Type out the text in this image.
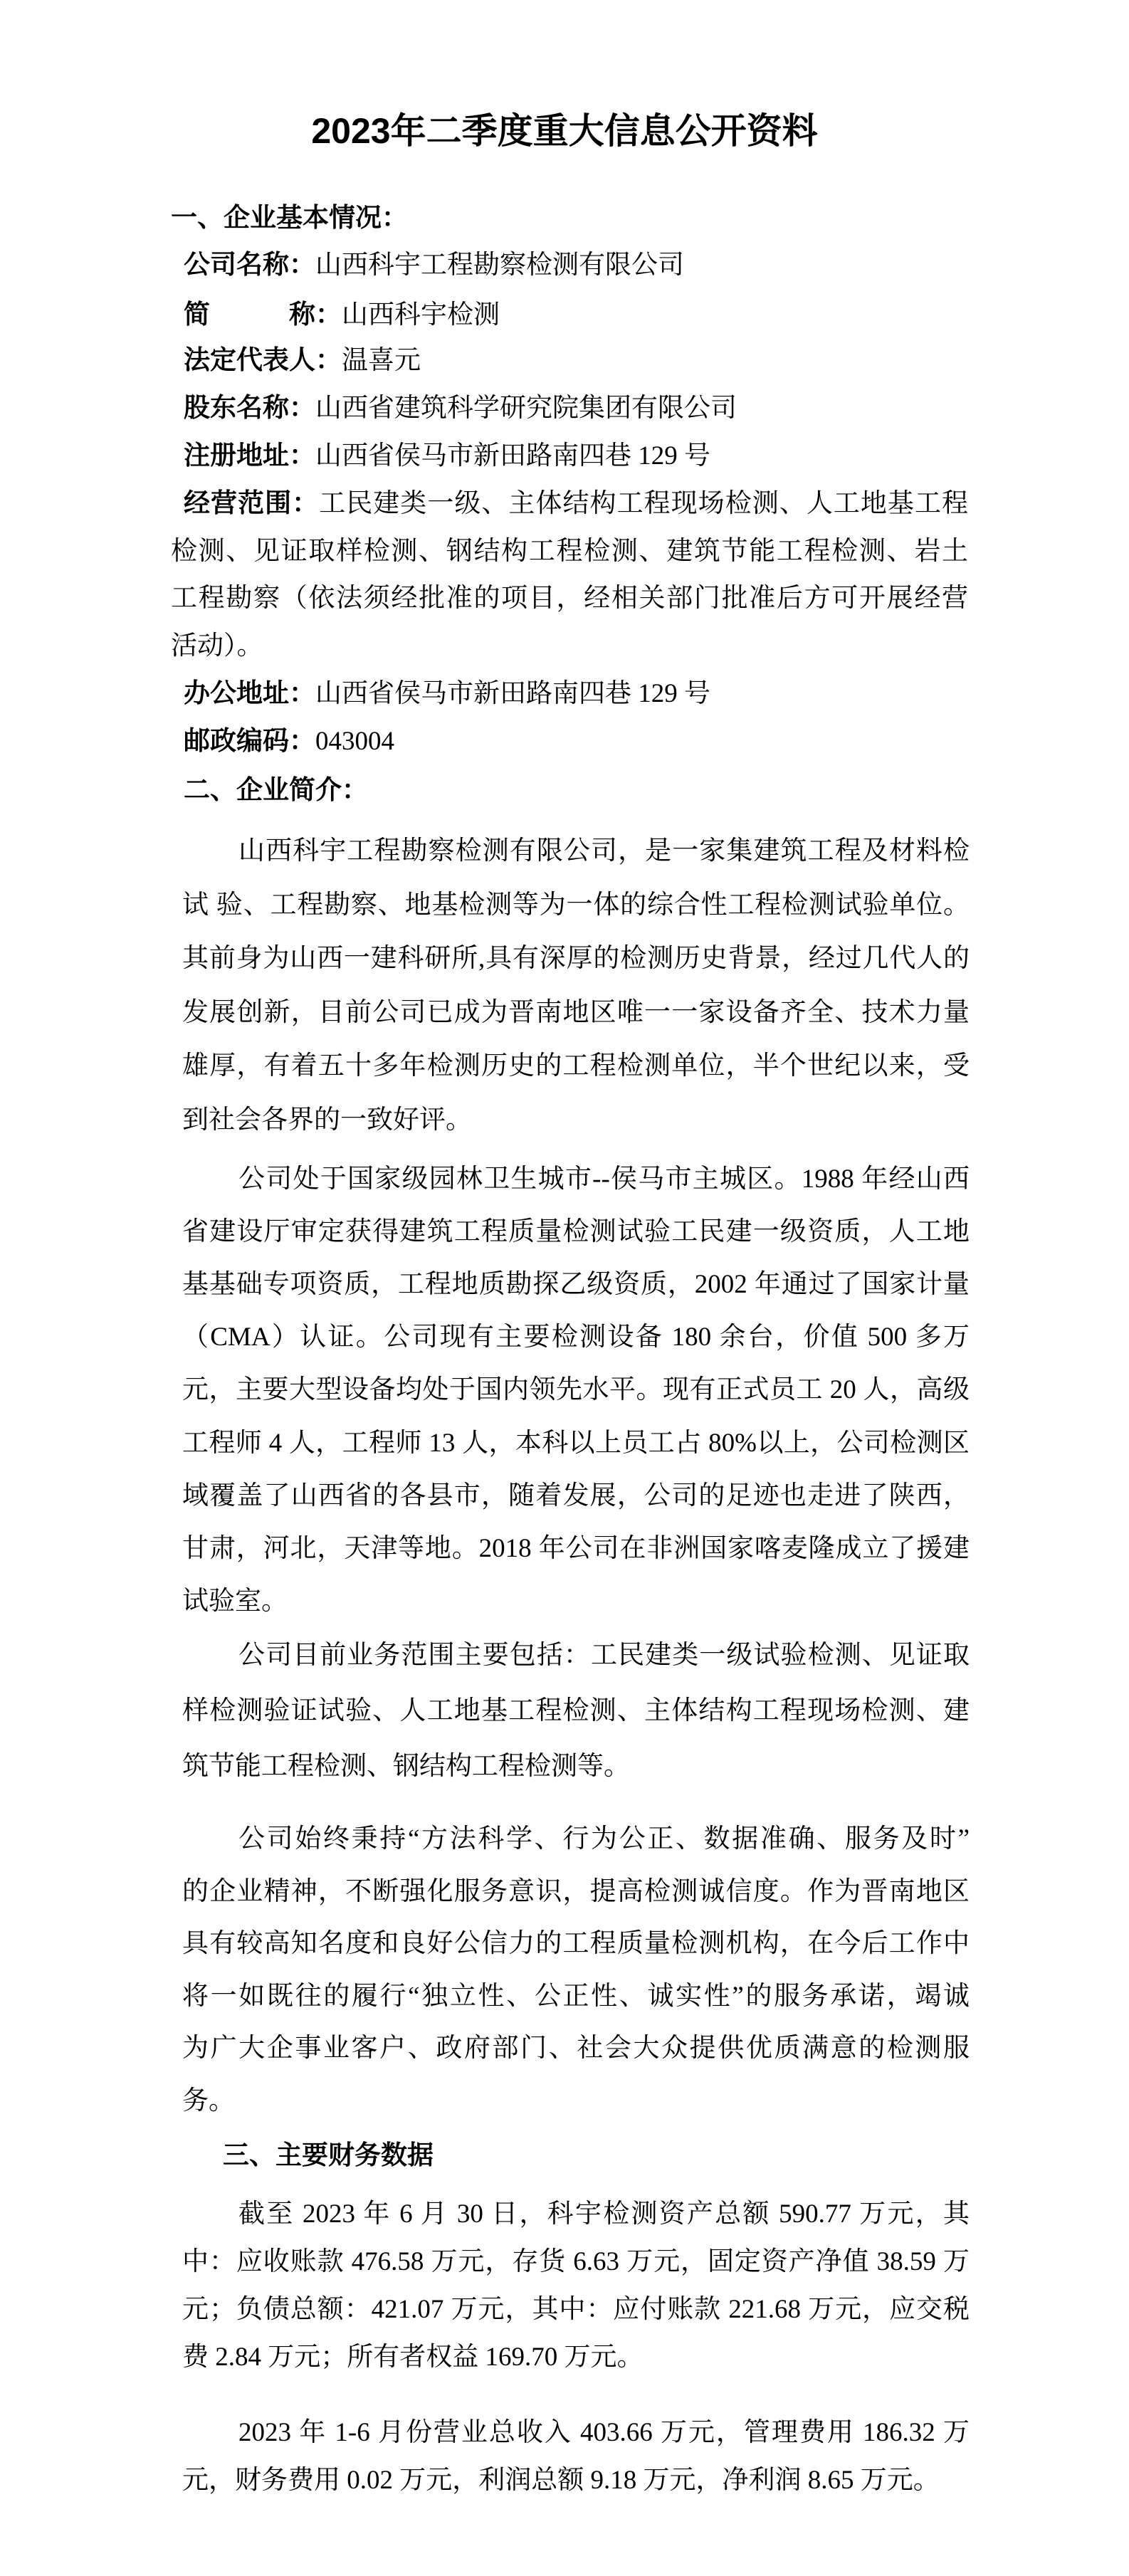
2023年二季度重大信息公开资料
一、企业基本情况：
公司名称：山西科宇工程勘察检测有限公司
简　　　称：山西科宇检测
法定代表人：温喜元
股东名称：山西省建筑科学研究院集团有限公司
注册地址：山西省侯马市新田路南四巷 129 号
经营范围：工民建类一级、主体结构工程现场检测、人工地基工程
检测、见证取样检测、钢结构工程检测、建筑节能工程检测、岩土
工程勘察（依法须经批准的项目，经相关部门批准后方可开展经营
活动）。
办公地址：山西省侯马市新田路南四巷 129 号
邮政编码：043004
二、企业简介：
山西科宇工程勘察检测有限公司，是一家集建筑工程及材料检
试 验、工程勘察、地基检测等为一体的综合性工程检测试验单位。
其前身为山西一建科研所,具有深厚的检测历史背景，经过几代人的
发展创新，目前公司已成为晋南地区唯一一家设备齐全、技术力量
雄厚，有着五十多年检测历史的工程检测单位，半个世纪以来，受
到社会各界的一致好评。
公司处于国家级园林卫生城市--侯马市主城区。1988 年经山西
省建设厅审定获得建筑工程质量检测试验工民建一级资质，人工地
基基础专项资质，工程地质勘探乙级资质，2002 年通过了国家计量
（CMA）认证。公司现有主要检测设备 180 余台，价值 500 多万
元，主要大型设备均处于国内领先水平。现有正式员工 20 人，高级
工程师 4 人，工程师 13 人，本科以上员工占 80%以上，公司检测区
域覆盖了山西省的各县市，随着发展，公司的足迹也走进了陕西，
甘肃，河北，天津等地。2018 年公司在非洲国家喀麦隆成立了援建
试验室。
公司目前业务范围主要包括：工民建类一级试验检测、见证取
样检测验证试验、人工地基工程检测、主体结构工程现场检测、建
筑节能工程检测、钢结构工程检测等。
公司始终秉持“方法科学、行为公正、数据准确、服务及时”
的企业精神，不断强化服务意识，提高检测诚信度。作为晋南地区
具有较高知名度和良好公信力的工程质量检测机构，在今后工作中
将一如既往的履行“独立性、公正性、诚实性”的服务承诺，竭诚
为广大企事业客户、政府部门、社会大众提供优质满意的检测服
务。
三、主要财务数据
截至 2023 年 6 月 30 日，科宇检测资产总额 590.77 万元，其
中：应收账款 476.58 万元，存货 6.63 万元，固定资产净值 38.59 万
元；负债总额：421.07 万元，其中：应付账款 221.68 万元，应交税
费 2.84 万元；所有者权益 169.70 万元。
2023 年 1-6 月份营业总收入 403.66 万元，管理费用 186.32 万
元，财务费用 0.02 万元，利润总额 9.18 万元，净利润 8.65 万元。
